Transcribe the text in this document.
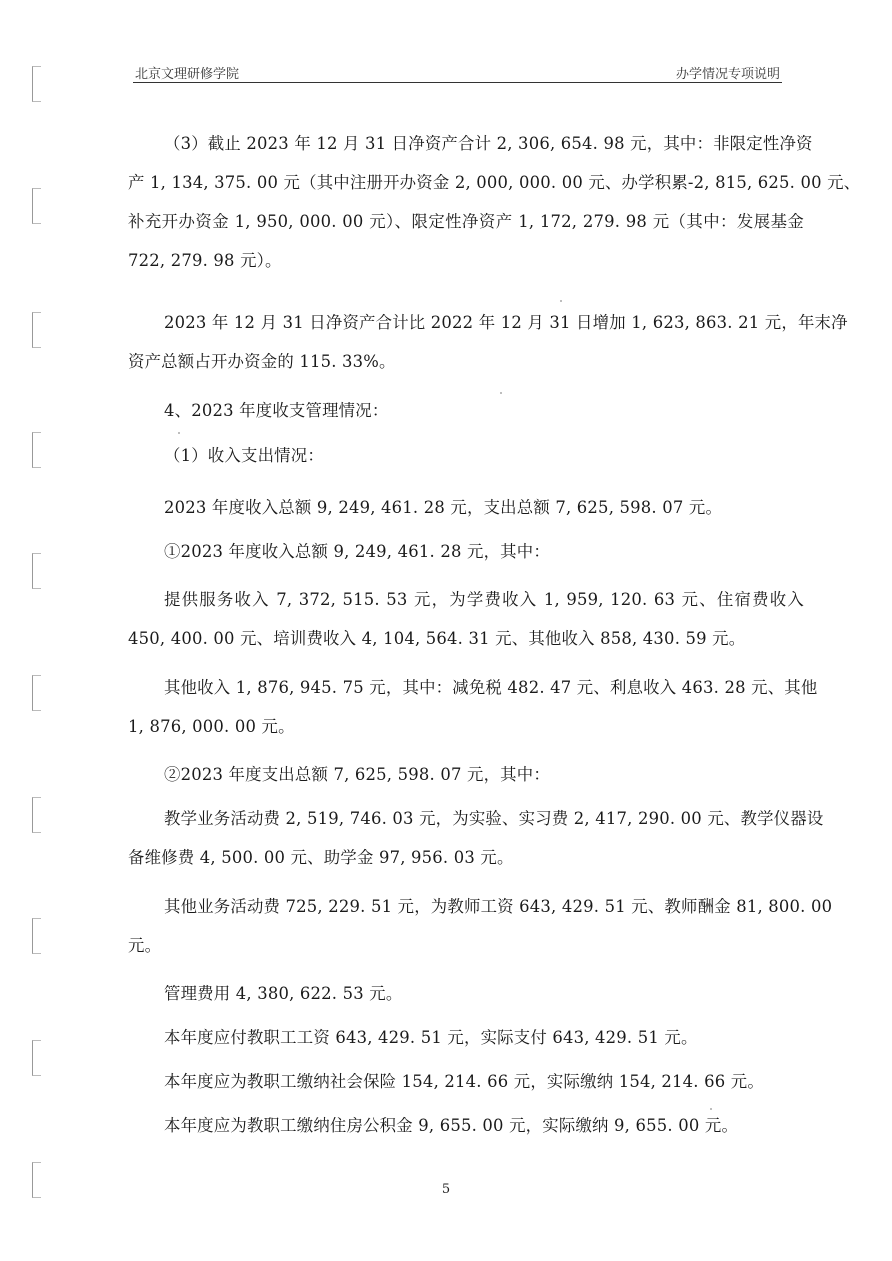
北京文理研修学院	办学情况专项说明
（3）截止 2023 年 12 月 31 日净资产合计 2, 306, 654. 98 元，其中：非限定性净资
产 1, 134, 375. 00 元（其中注册开办资金 2, 000, 000. 00 元、办学积累-2, 815, 625. 00 元、
补充开办资金 1, 950, 000. 00 元）、限定性净资产 1, 172, 279. 98 元（其中：发展基金
722, 279. 98 元）。
2023 年 12 月 31 日净资产合计比 2022 年 12 月 31 日增加 1, 623, 863. 21 元，年末净
资产总额占开办资金的 115. 33%。
4、2023 年度收支管理情况：
（1）收入支出情况：
2023 年度收入总额 9, 249, 461. 28 元，支出总额 7, 625, 598. 07 元。
①2023 年度收入总额 9, 249, 461. 28 元，其中：
提供服务收入 7, 372, 515. 53 元，为学费收入 1, 959, 120. 63 元、住宿费收入
450, 400. 00 元、培训费收入 4, 104, 564. 31 元、其他收入 858, 430. 59 元。
其他收入 1, 876, 945. 75 元，其中：减免税 482. 47 元、利息收入 463. 28 元、其他
1, 876, 000. 00 元。
②2023 年度支出总额 7, 625, 598. 07 元，其中：
教学业务活动费 2, 519, 746. 03 元，为实验、实习费 2, 417, 290. 00 元、教学仪器设
备维修费 4, 500. 00 元、助学金 97, 956. 03 元。
其他业务活动费 725, 229. 51 元，为教师工资 643, 429. 51 元、教师酬金 81, 800. 00
元。
管理费用 4, 380, 622. 53 元。
本年度应付教职工工资 643, 429. 51 元，实际支付 643, 429. 51 元。
本年度应为教职工缴纳社会保险 154, 214. 66 元，实际缴纳 154, 214. 66 元。
本年度应为教职工缴纳住房公积金 9, 655. 00 元，实际缴纳 9, 655. 00 元。
5
